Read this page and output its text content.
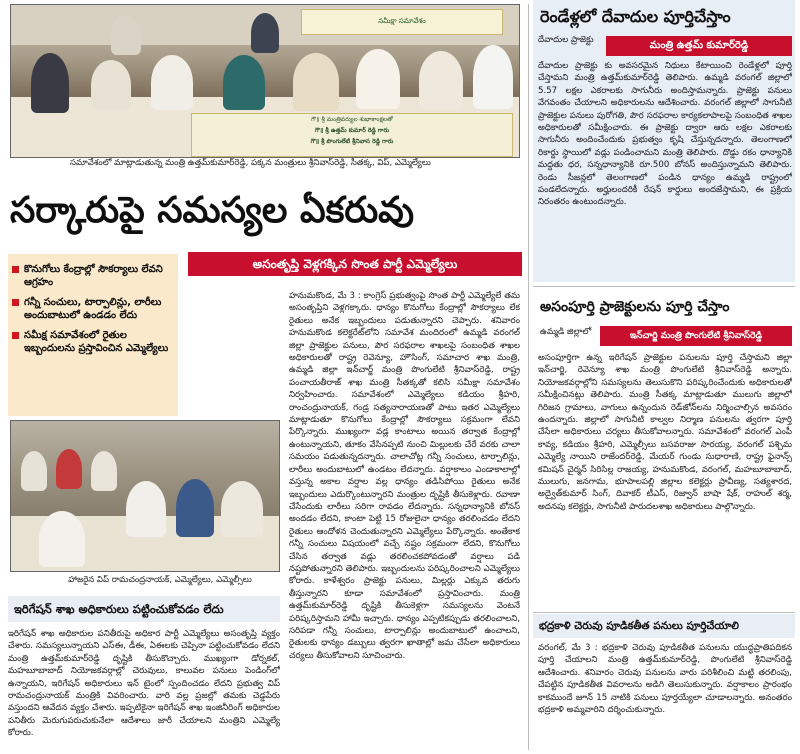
గౌ॥ శ్రీ మంత్రివర్యుల శుభాకాంక్షలతో
గౌ॥ శ్రీ ఉత్తమ్ కుమార్ రెడ్డి గారు
గౌ॥ శ్రీ పొంగులేటి శ్రీనివాస రెడ్డి గారు
సమీక్షా సమావేశం
సమావేశంలో మాట్లాడుతున్న మంత్రి ఉత్తమ్‌కుమార్‌రెడ్డి, పక్కన మంత్రులు శ్రీనివాస్‌రెడ్డి, సీతక్క, విప్, ఎమ్మెల్యేలు
సర్కారుపై సమస్యల ఏకరువు
అసంతృప్తి వెళ్లగక్కిన సొంత పార్టీ ఎమ్మెల్యేలు
కొనుగోలు కేంద్రాల్లో సౌకర్యాలు లేవని ఆగ్రహం
గన్నీ సంచులు, టార్పాలిన్లు, లారీలు అందుబాటులో ఉండడం లేదు
సమీక్ష సమావేశంలో రైతుల ఇబ్బందులను ప్రస్తావించిన ఎమ్మెల్యేలు
హనుమకొండ, మే 3 : కాంగ్రెస్ ప్రభుత్వంపై సొంత పార్టీ ఎమ్మెల్యేలే తమ అసంతృప్తిని వెళ్లగక్కారు. ధాన్యం కొనుగోలు కేంద్రాల్లో సౌకర్యాలు లేక రైతులు అనేక ఇబ్బందులు పడుతున్నారని చెప్పారు. శనివారం హనుమకొండ కలెక్టరేట్‌లోని సమావేశ మందిరంలో ఉమ్మడి వరంగల్ జిల్లా ప్రాజెక్టుల పనులు, పౌర సరఫరాల శాఖలపై సంబంధిత శాఖల అధికారులతో రాష్ట్ర రెవెన్యూ, హౌసింగ్, సమాచార శాఖ మంత్రి, ఉమ్మడి జిల్లా ఇన్‌చార్జ్ మంత్రి పొంగులేటి శ్రీనివాస్‌రెడ్డి, రాష్ట్ర పంచాయతీరాజ్ శాఖ మంత్రి సీతక్కతో కలిసి సమీక్షా సమావేశం నిర్వహించారు. సమావేశంలో ఎమ్మెల్యేలు కడియం శ్రీహరి, రాంచంద్రునాయక్, గండ్ర సత్యనారాయణతో పాటు ఇతర ఎమ్మెల్యేలు మాట్లాడుతూ కొనుగోలు కేంద్రాల్లో సౌకర్యాలు సక్రమంగా లేవని పేర్కొన్నారు. ముఖ్యంగా వడ్ల కాంటాలు అయిన తర్వాత కేంద్రాల్లో ఉంటున్నాయని, తూకం వేసినప్పటి నుంచి మిల్లులకు చేరే వరకు చాలా సమయం పడుతున్నదన్నారు. చాలాచోట్ల గన్నీ సంచులు, టార్పాలిన్లు, లారీలు అందుబాటులో ఉండటం లేదన్నారు. వర్షాకాలం ఎండాకాలాల్లో వస్తున్న అకాల వర్షాల వల్ల ధాన్యం తడిసిపోయి రైతులు అనేక ఇబ్బందులు ఎదుర్కొంటున్నారని మంత్రుల దృష్టికి తీసుకెళ్లారు. రవాణా చేసేందుకు లారీలు సరిగా రావడం లేదన్నారు. సన్నధాన్యానికి బోనస్ అందడం లేదని, కాంటా పెట్టి 15 రోజులైనా ధాన్యం తరలించడం లేదని రైతులు ఆందోళన చెందుతున్నారని ఎమ్మెల్యేలు పేర్కొన్నారు. అంతేకాక గన్నీ సంచులు విషయంలో వచ్చే నష్టం సక్రమంగా లేదని, కొనుగోలు చేసిన తర్వాత వడ్లు తరలించకపోవడంతో వర్షాలు పడి నష్టపోతున్నారని తెలిపారు. ఇబ్బందులను పరిష్కరించాలని ఎమ్మెల్యేలు కోరారు. కాళేశ్వరం ప్రాజెక్టు పనులు, మిల్లర్లు ఎక్కువ తరుగు తీస్తున్నారని కూడా సమావేశంలో ప్రస్తావించారు. మంత్రి ఉత్తమ్‌కుమార్‌రెడ్డి దృష్టికి తీసుకెళ్లగా సమస్యలను వెంటనే పరిష్కరిస్తామని హామీ ఇచ్చారు. ధాన్యం ఎప్పటికప్పుడు తరలించాలని, సరిపడా గన్నీ సంచులు, టార్పాలిన్లు అందుబాటులో ఉంచాలని, రైతులకు ధాన్యం డబ్బులు త్వరగా ఖాతాల్లో జమ చేసేలా అధికారులు చర్యలు తీసుకోవాలని సూచించారు.
హాజరైన విప్ రామచంద్రనాయక్, ఎమ్మెల్యేలు, ఎమ్మెల్సీలు
ఇరిగేషన్ శాఖ అధికారులు పట్టించుకోవడం లేదు
ఇరిగేషన్ శాఖ అధికారుల పనితీరుపై అధికార పార్టీ ఎమ్మెల్యేలు అసంతృప్తి వ్యక్తం చేశారు. సమస్యలున్నాయని ఎస్‌ఈ, డీఈ, ఏఈలకు చెప్పినా పట్టించుకోవడం లేదని మంత్రి ఉత్తమ్‌కుమార్‌రెడ్డి దృష్టికి తీసుకొచ్చారు. ముఖ్యంగా డోర్నకల్, మహబూబాబాద్ నియోజకవర్గాల్లో చెరువులు, కాలువల పనులు పెండింగ్‌లో ఉన్నాయని, ఇరిగేషన్ అధికారులు ఇన్ టైంలో స్పందించడం లేదని ప్రభుత్వ విప్ రామచంద్రునాయక్ మంత్రికి వివరించారు. వారి వల్ల ప్రజల్లో తమకు చెడ్డపేరు వస్తుందని ఆవేదన వ్యక్తం చేశారు. ఇప్పటికైనా ఇరిగేషన్ శాఖ ఇంజినీరింగ్ అధికారుల పనితీరు మెరుగుపరుచుకునేలా ఆదేశాలు జారీ చేయాలని మంత్రిని ఎమ్మెల్యే కోరారు.
రెండేళ్లలో దేవాదుల పూర్తిచేస్తాం
మంత్రి ఉత్తమ్ కుమార్‌రెడ్డి
దేవాదుల ప్రాజెక్టు
దేవాదుల ప్రాజెక్టు కు అవసరమైన నిధులు కేటాయించి రెండేళ్లలో పూర్తి చేస్తామని మంత్రి ఉత్తమ్‌కుమార్‌రెడ్డి తెలిపారు. ఉమ్మడి వరంగల్ జిల్లాలో 5.57 లక్షల ఎకరాలకు సాగునీరు అందిస్తామన్నారు. ప్రాజెక్టు పనులు వేగవంతం చేయాలని అధికారులను ఆదేశించారు. వరంగల్ జిల్లాలో సాగునీటి ప్రాజెక్టుల పనులు పురోగతి, పౌర సరఫరాల కార్యకలాపాలపై సంబంధిత శాఖల అధికారులతో సమీక్షించారు. ఈ ప్రాజెక్టు ద్వారా ఆరు లక్షల ఎకరాలకు సాగునీరు అందించేందుకు ప్రభుత్వం కృషి చేస్తున్నదన్నారు. తెలంగాణలో రికార్డు స్థాయిలో వడ్లు పండించామని మంత్రి తెలిపారు. దొడ్డు రకం ధాన్యానికి మద్దతు ధర, సన్నధాన్యానికి రూ.500 బోనస్ అందిస్తున్నామని తెలిపారు. రెండు సీజన్లలో తెలంగాణలో పండిన ధాన్యం ఉమ్మడి రాష్ట్రంలో పండలేదన్నారు. అర్హులందరికీ రేషన్ కార్డులు అందజేస్తామని, ఈ ప్రక్రియ నిరంతరం ఉంటుందన్నారు.
అసంపూర్తి ప్రాజెక్టులను పూర్తి చేస్తాం
ఇన్‌చార్జి మంత్రి పొంగులేటి శ్రీనివాస్‌రెడ్డి
ఉమ్మడి జిల్లాలో
అసంపూర్తిగా ఉన్న ఇరిగేషన్ ప్రాజెక్టుల పనులను పూర్తి చేస్తామని జిల్లా ఇన్‌చార్జి, రెవెన్యూ శాఖ మంత్రి పొంగులేటి శ్రీనివాస్‌రెడ్డి అన్నారు. నియోజకవర్గాల్లోని సమస్యలను తెలుసుకొని పరిష్కరించేందుకు అధికారులతో సమీక్షించినట్లు తెలిపారు. మంత్రి సీతక్క మాట్లాడుతూ ములుగు జిల్లాలో గిరిజన గ్రామాలు, వాగులు ఉన్నందున రెడ్‌జోన్‌లను నిర్మించాల్సిన అవసరం ఉందన్నారు. జిల్లాలో సాగునీటి కాల్వల నిర్మాణ పనులను త్వరగా పూర్తి చేసేలా అధికారులు చర్యలు తీసుకోవాలన్నారు. సమావేశంలో వరంగల్ ఎంపీ కావ్య, కడియం శ్రీహరి, ఎమ్మెల్సీలు బసవరాజు సారయ్య, వరంగల్ పశ్చిమ ఎమ్మెల్యే నాయిని రాజేందర్‌రెడ్డి, మేయర్ గుండు సుధారాణి, రాష్ట్ర ఫైనాన్స్ కమిషన్ చైర్మన్ సిరిసిల్ల రాజయ్య, హనుమకొండ, వరంగల్, మహబూబాబాద్, ములుగు, జనగామ, భూపాలపల్లి జిల్లాల కలెక్టర్లు ప్రావీణ్య, సత్యశారద, అద్వైత్‌కుమార్ సింగ్, దివాకర్ టీఎస్, రిజ్వాన్ బాషా షేక్, రాహుల్ శర్మ, అదనపు కలెక్టర్లు, సాగునీటి పారుదలశాఖ అధికారులు పాల్గొన్నారు.
భద్రకాళి చెరువు పూడికతీత పనులు పూర్తిచేయాలి
వరంగల్, మే 3 : భద్రకాళి చెరువు పూడికతీత పనులను యుద్ధప్రాతిపదికన పూర్తి చేయాలని మంత్రి ఉత్తమ్‌కుమార్‌రెడ్డి, పొంగులేటి శ్రీనివాస్‌రెడ్డి ఆదేశించారు. శనివారం చెరువు పనులను వారు పరిశీలించి మట్టి తరలింపు, చేపట్టిన పూడికతీత వివరాలను అడిగి తెలుసుకున్నారు. వర్షాకాలం ప్రారంభం కాకముందే జూన్ 15 నాటికి పనులు పూర్తయ్యేలా చూడాలన్నారు. అనంతరం భద్రకాళి అమ్మవారిని దర్శించుకున్నారు.
